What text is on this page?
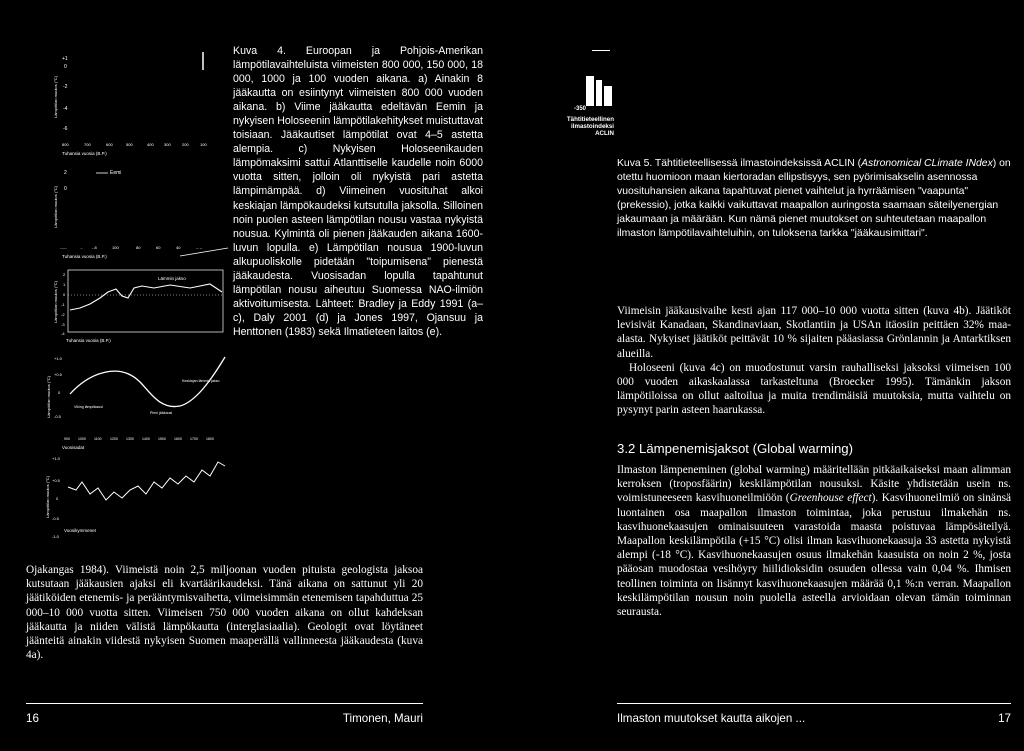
+1
0
-2
-4
-6
800	700	600	500	400	300	200	100
Tuhansia vuosia (B.P.)
2
0
Eemi
-----	... -.8	100	80	60	40	-- --
Tuhansia vuosia (B.P.)
2
1
0
-1
-2
-3
-4
Lämmin jakso
Tuhansia vuosia (B.P.)
+1.0
+0.5
0
-0.5
Keskiajan lämmin jakso
Pieni jääkausi
Viking lämpökausi
900 1000 1100 1200 1300 1400 1500 1600 1700 1800
Vuosisadat
+1.0
+0.5
0
-0.5
-1.0
Vuosikymmenet
Lämpötilan muutos (°C)
Lämpötilan muutos (°C)
Lämpötilan muutos (°C)
Lämpötilan muutos (°C)
Lämpötilan muutos (°C)
Kuva 4. Euroopan ja Pohjois-Amerikan lämpötilavaihteluista viimeisten 800 000, 150 000, 18 000, 1000 ja 100 vuoden aikana. a) Ainakin 8 jääkautta on esiintynyt viimeisten 800 000 vuoden aikana. b) Viime jääkautta edeltävän Eemin ja nykyisen Holoseenin lämpötilakehitykset muistuttavat toisiaan. Jääkautiset lämpötilat ovat 4–5 astetta alempia. c) Nykyisen Holoseenikauden lämpömaksimi sattui Atlanttiselle kaudelle noin 6000 vuotta sitten, jolloin oli nykyistä pari astetta lämpimämpää. d) Viimeinen vuosituhat alkoi keskiajan lämpökaudeksi kutsutulla jaksolla. Silloinen noin puolen asteen lämpötilan nousu vastaa nykyistä nousua. Kylmintä oli pienen jääkauden aikana 1600-luvun lopulla. e) Lämpötilan nousua 1900-luvun alkupuoliskolle pidetään "toipumisena" pienestä jääkaudesta. Vuosisadan lopulla tapahtunut lämpötilan nousu aiheutuu Suomessa NAO-ilmiön aktivoitumisesta. Lähteet: Bradley ja Eddy 1991 (a–c), Daly 2001 (d) ja Jones 1997, Ojansuu ja Henttonen (1983) sekä Ilmatieteen laitos (e).
-350
Tähtitieteellinen
ilmastoindeksi
ACLIN
Kuva 5. Tähtitieteellisessä ilmastoindeksissä ACLIN (Astronomical CLimate INdex) on otettu huomioon maan kiertoradan ellipstisyys, sen pyörimisakselin asennossa vuosituhansien aikana tapahtuvat pienet vaihtelut ja hyrräämisen "vaapunta" (prekessio), jotka kaikki vaikuttavat maapallon auringosta saamaan säteilyenergian jakaumaan ja määrään. Kun nämä pienet muutokset on suhteutetaan maapallon ilmaston lämpötilavaihteluihin, on tuloksena tarkka "jääkausimittari".
Viimeisin jääkausivaihe kesti ajan 117 000–10 000 vuotta sitten (kuva 4b). Jäätiköt levisivät Kanadaan, Skandinaviaan, Skotlantiin ja USAn itäosiin peittäen 32% maa-alasta. Nykyiset jäätiköt peittävät 10 % sijaiten pääasiassa Grönlannin ja Antarktiksen alueilla.
Holoseeni (kuva 4c) on muodostunut varsin rauhalliseksi jaksoksi viimeisen 100 000 vuoden aikaskaalassa tarkasteltuna (Broecker 1995). Tämänkin jakson lämpötiloissa on ollut aaltoilua ja muita trendimäisiä muutoksia, mutta vaihtelu on pysynyt parin asteen haarukassa.
3.2 Lämpenemisjaksot (Global warming)
Ilmaston lämpeneminen (global warming) määritellään pitkäaikaiseksi maan alimman kerroksen (troposfäärin) keskilämpötilan nousuksi. Käsite yhdistetään usein ns. voimistuneeseen kasvihuoneilmiöön (Greenhouse effect). Kasvihuoneilmiö on sinänsä luontainen osa maapallon ilmaston toimintaa, joka perustuu ilmakehän ns. kasvihuonekaasujen ominaisuuteen varastoida maasta poistuvaa lämpösäteilyä. Maapallon keskilämpötila (+15 °C) olisi ilman kasvihuonekaasuja 33 astetta nykyistä alempi (-18 °C). Kasvihuonekaasujen osuus ilmakehän kaasuista on noin 2 %, josta pääosan muodostaa vesihöyry hiilidioksidin osuuden ollessa vain 0,04 %. Ihmisen teollinen toiminta on lisännyt kasvihuonekaasujen määrää 0,1 %:n verran. Maapallon keskilämpötilan nousun noin puolella asteella arvioidaan olevan tämän toiminnan seurausta.
Ojakangas 1984). Viimeistä noin 2,5 miljoonan vuoden pituista geologista jaksoa kutsutaan jääkausien ajaksi eli kvartäärikaudeksi. Tänä aikana on sattunut yli 20 jäätiköiden etenemis- ja perääntymisvaihetta, viimeisimmän etenemisen tapahduttua 25 000–10 000 vuotta sitten. Viimeisen 750 000 vuoden aikana on ollut kahdeksan jääkautta ja niiden välistä lämpökautta (interglasiaalia). Geologit ovat löytäneet jäänteitä ainakin viidestä nykyisen Suomen maaperällä vallinneesta jääkaudesta (kuva 4a).
16	Timonen, Mauri	Ilmaston muutokset kautta aikojen ...	17
